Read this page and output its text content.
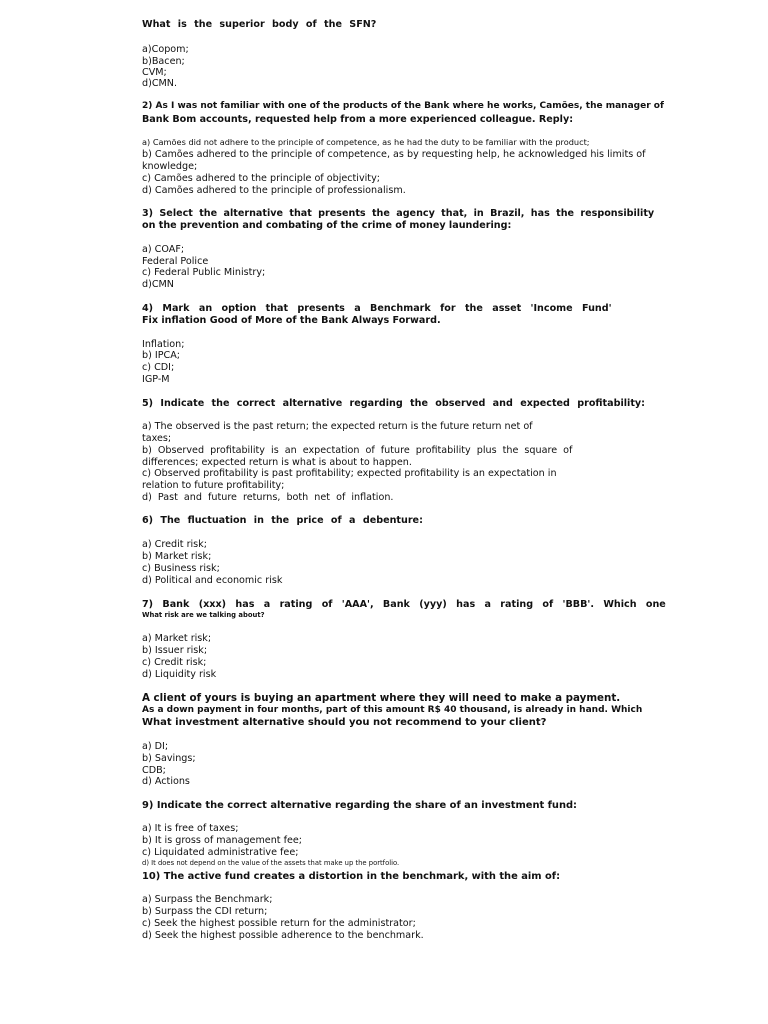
What is the superior body of the SFN?
a)Copom;
b)Bacen;
CVM;
d)CMN.
2) As I was not familiar with one of the products of the Bank where he works, Camões, the manager of
Bank Bom accounts, requested help from a more experienced colleague. Reply:
a) Camões did not adhere to the principle of competence, as he had the duty to be familiar with the product;
b) Camões adhered to the principle of competence, as by requesting help, he acknowledged his limits of
knowledge;
c) Camões adhered to the principle of objectivity;
d) Camões adhered to the principle of professionalism.
3) Select the alternative that presents the agency that, in Brazil, has the responsibility
on the prevention and combating of the crime of money laundering:
a) COAF;
Federal Police
c) Federal Public Ministry;
d)CMN
4) Mark an option that presents a Benchmark for the asset 'Income Fund'
Fix inflation Good of More of the Bank Always Forward.
Inflation;
b) IPCA;
c) CDI;
IGP-M
5) Indicate the correct alternative regarding the observed and expected profitability:
a) The observed is the past return; the expected return is the future return net of
taxes;
b) Observed profitability is an expectation of future profitability plus the square of
differences; expected return is what is about to happen.
c) Observed profitability is past profitability; expected profitability is an expectation in
relation to future profitability;
d) Past and future returns, both net of inflation.
6) The fluctuation in the price of a debenture:
a) Credit risk;
b) Market risk;
c) Business risk;
d) Political and economic risk
7) Bank (xxx) has a rating of 'AAA', Bank (yyy) has a rating of 'BBB'. Which one
What risk are we talking about?
a) Market risk;
b) Issuer risk;
c) Credit risk;
d) Liquidity risk
A client of yours is buying an apartment where they will need to make a payment.
As a down payment in four months, part of this amount R$ 40 thousand, is already in hand. Which
What investment alternative should you not recommend to your client?
a) DI;
b) Savings;
CDB;
d) Actions
9) Indicate the correct alternative regarding the share of an investment fund:
a) It is free of taxes;
b) It is gross of management fee;
c) Liquidated administrative fee;
d) It does not depend on the value of the assets that make up the portfolio.
10) The active fund creates a distortion in the benchmark, with the aim of:
a) Surpass the Benchmark;
b) Surpass the CDI return;
c) Seek the highest possible return for the administrator;
d) Seek the highest possible adherence to the benchmark.
